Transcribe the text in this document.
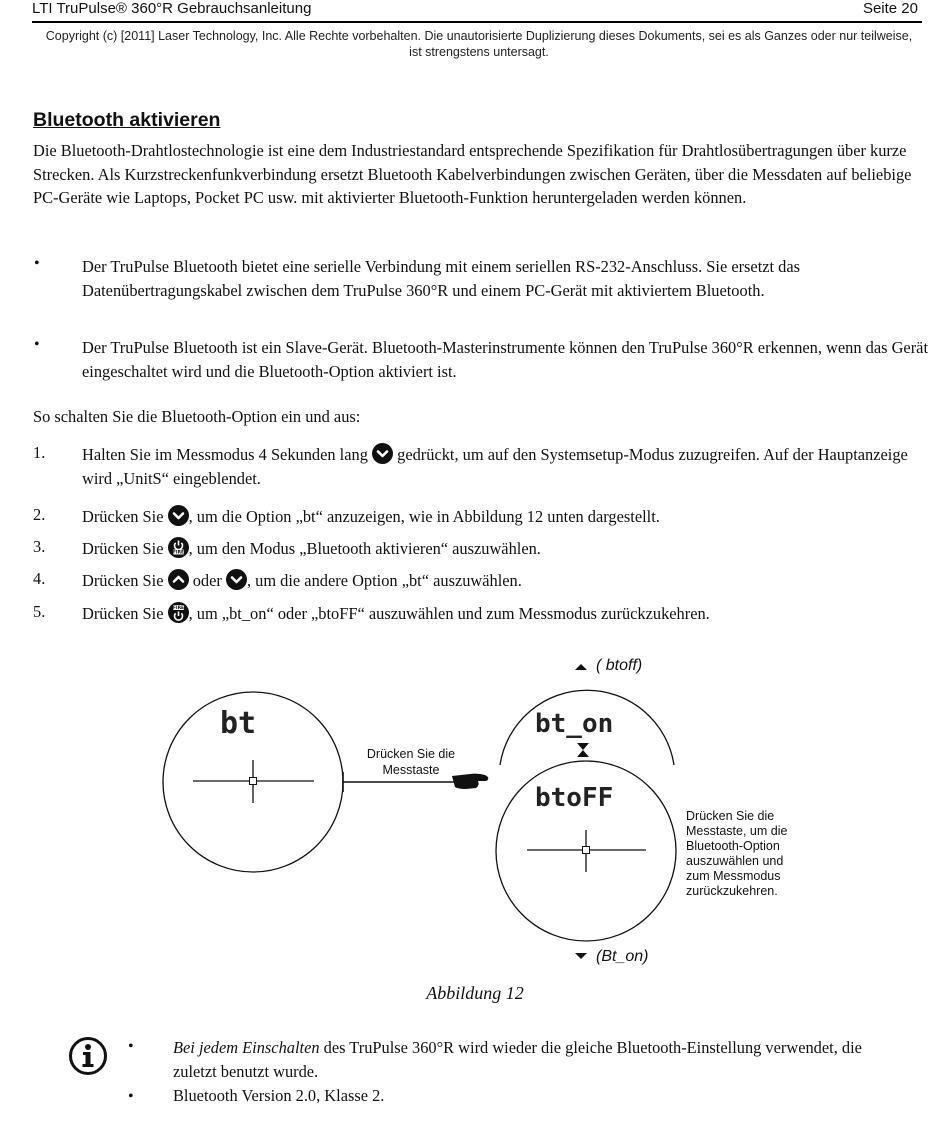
LTI TruPulse® 360°R Gebrauchsanleitung	Seite 20
Copyright (c) [2011] Laser Technology, Inc. Alle Rechte vorbehalten. Die unautorisierte Duplizierung dieses Dokuments, sei es als Ganzes oder nur teilweise, ist strengstens untersagt.
Bluetooth aktivieren
Die Bluetooth-Drahtlostechnologie ist eine dem Industriestandard entsprechende Spezifikation für Drahtlosübertragungen über kurze Strecken. Als Kurzstreckenfunkverbindung ersetzt Bluetooth Kabelverbindungen zwischen Geräten, über die Messdaten auf beliebige PC-Geräte wie Laptops, Pocket PC usw. mit aktivierter Bluetooth-Funktion heruntergeladen werden können.
•	Der TruPulse Bluetooth bietet eine serielle Verbindung mit einem seriellen RS-232-Anschluss. Sie ersetzt das Datenübertragungskabel zwischen dem TruPulse 360°R und einem PC-Gerät mit aktiviertem Bluetooth.
•	Der TruPulse Bluetooth ist ein Slave-Gerät. Bluetooth-Masterinstrumente können den TruPulse 360°R erkennen, wenn das Gerät eingeschaltet wird und die Bluetooth-Option aktiviert ist.
So schalten Sie die Bluetooth-Option ein und aus:
1. Halten Sie im Messmodus 4 Sekunden lang gedrückt, um auf den Systemsetup-Modus zuzugreifen. Auf der Hauptanzeige wird „UnitS“ eingeblendet.
2. Drücken Sie , um die Option „bt“ anzuzeigen, wie in Abbildung 12 unten dargestellt.
3. Drücken Sie FIRE , um den Modus „Bluetooth aktivieren“ auszuwählen.
4. Drücken Sie oder , um die andere Option „bt“ auszuwählen.
5. Drücken Sie FIRE , um „bt_on“ oder „btoFF“ auszuwählen und zum Messmodus zurückzukehren.
bt
Drücken Sie die
Messtaste
( btoff)
bt_on
btoFF
Drücken Sie die
Messtaste, um die
Bluetooth-Option
auszuwählen und
zum Messmodus
zurückzukehren.
(Bt_on)
Abbildung 12
• Bei jedem Einschalten des TruPulse 360°R wird wieder die gleiche Bluetooth-Einstellung verwendet, die zuletzt benutzt wurde.
• Bluetooth Version 2.0, Klasse 2.
